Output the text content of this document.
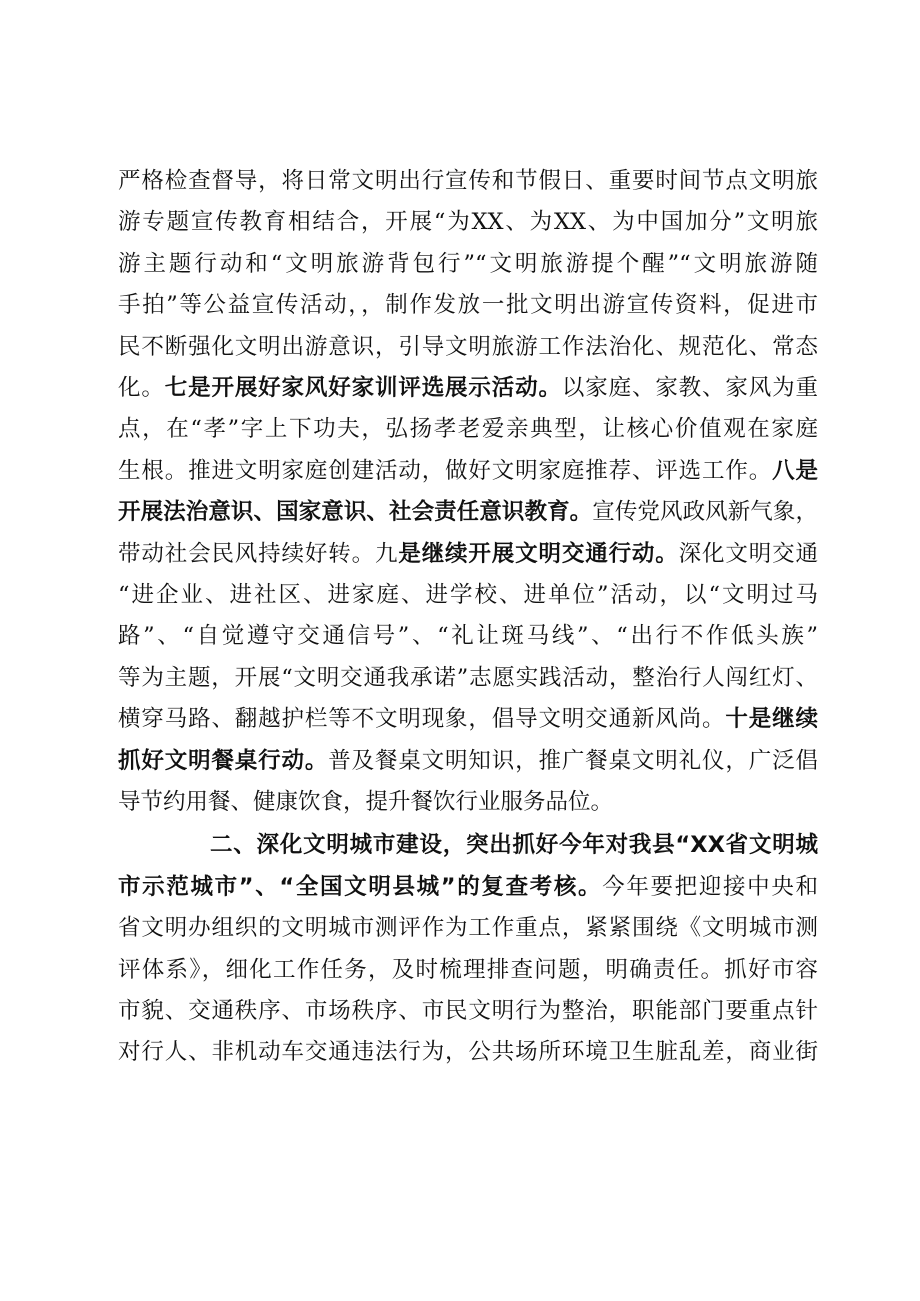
严格检查督导，将日常文明出行宣传和节假日、重要时间节点文明旅
游专题宣传教育相结合，开展“为XX、为XX、为中国加分”文明旅
游主题行动和“文明旅游背包行”“文明旅游提个醒”“文明旅游随
手拍”等公益宣传活动，，制作发放一批文明出游宣传资料，促进市
民不断强化文明出游意识，引导文明旅游工作法治化、规范化、常态
化。七是开展好家风好家训评选展示活动。以家庭、家教、家风为重
点，在“孝”字上下功夫，弘扬孝老爱亲典型，让核心价值观在家庭
生根。推进文明家庭创建活动，做好文明家庭推荐、评选工作。八是
开展法治意识、国家意识、社会责任意识教育。宣传党风政风新气象，
带动社会民风持续好转。九是继续开展文明交通行动。深化文明交通
“进企业、进社区、进家庭、进学校、进单位”活动，以“文明过马
路”、“自觉遵守交通信号”、“礼让斑马线”、“出行不作低头族”
等为主题，开展“文明交通我承诺”志愿实践活动，整治行人闯红灯、
横穿马路、翻越护栏等不文明现象，倡导文明交通新风尚。十是继续
抓好文明餐桌行动。普及餐桌文明知识，推广餐桌文明礼仪，广泛倡
导节约用餐、健康饮食，提升餐饮行业服务品位。
二、深化文明城市建设，突出抓好今年对我县“XX省文明城
市示范城市”、“全国文明县城”的复查考核。今年要把迎接中央和
省文明办组织的文明城市测评作为工作重点，紧紧围绕《文明城市测
评体系》，细化工作任务，及时梳理排查问题，明确责任。抓好市容
市貌、交通秩序、市场秩序、市民文明行为整治，职能部门要重点针
对行人、非机动车交通违法行为，公共场所环境卫生脏乱差，商业街
